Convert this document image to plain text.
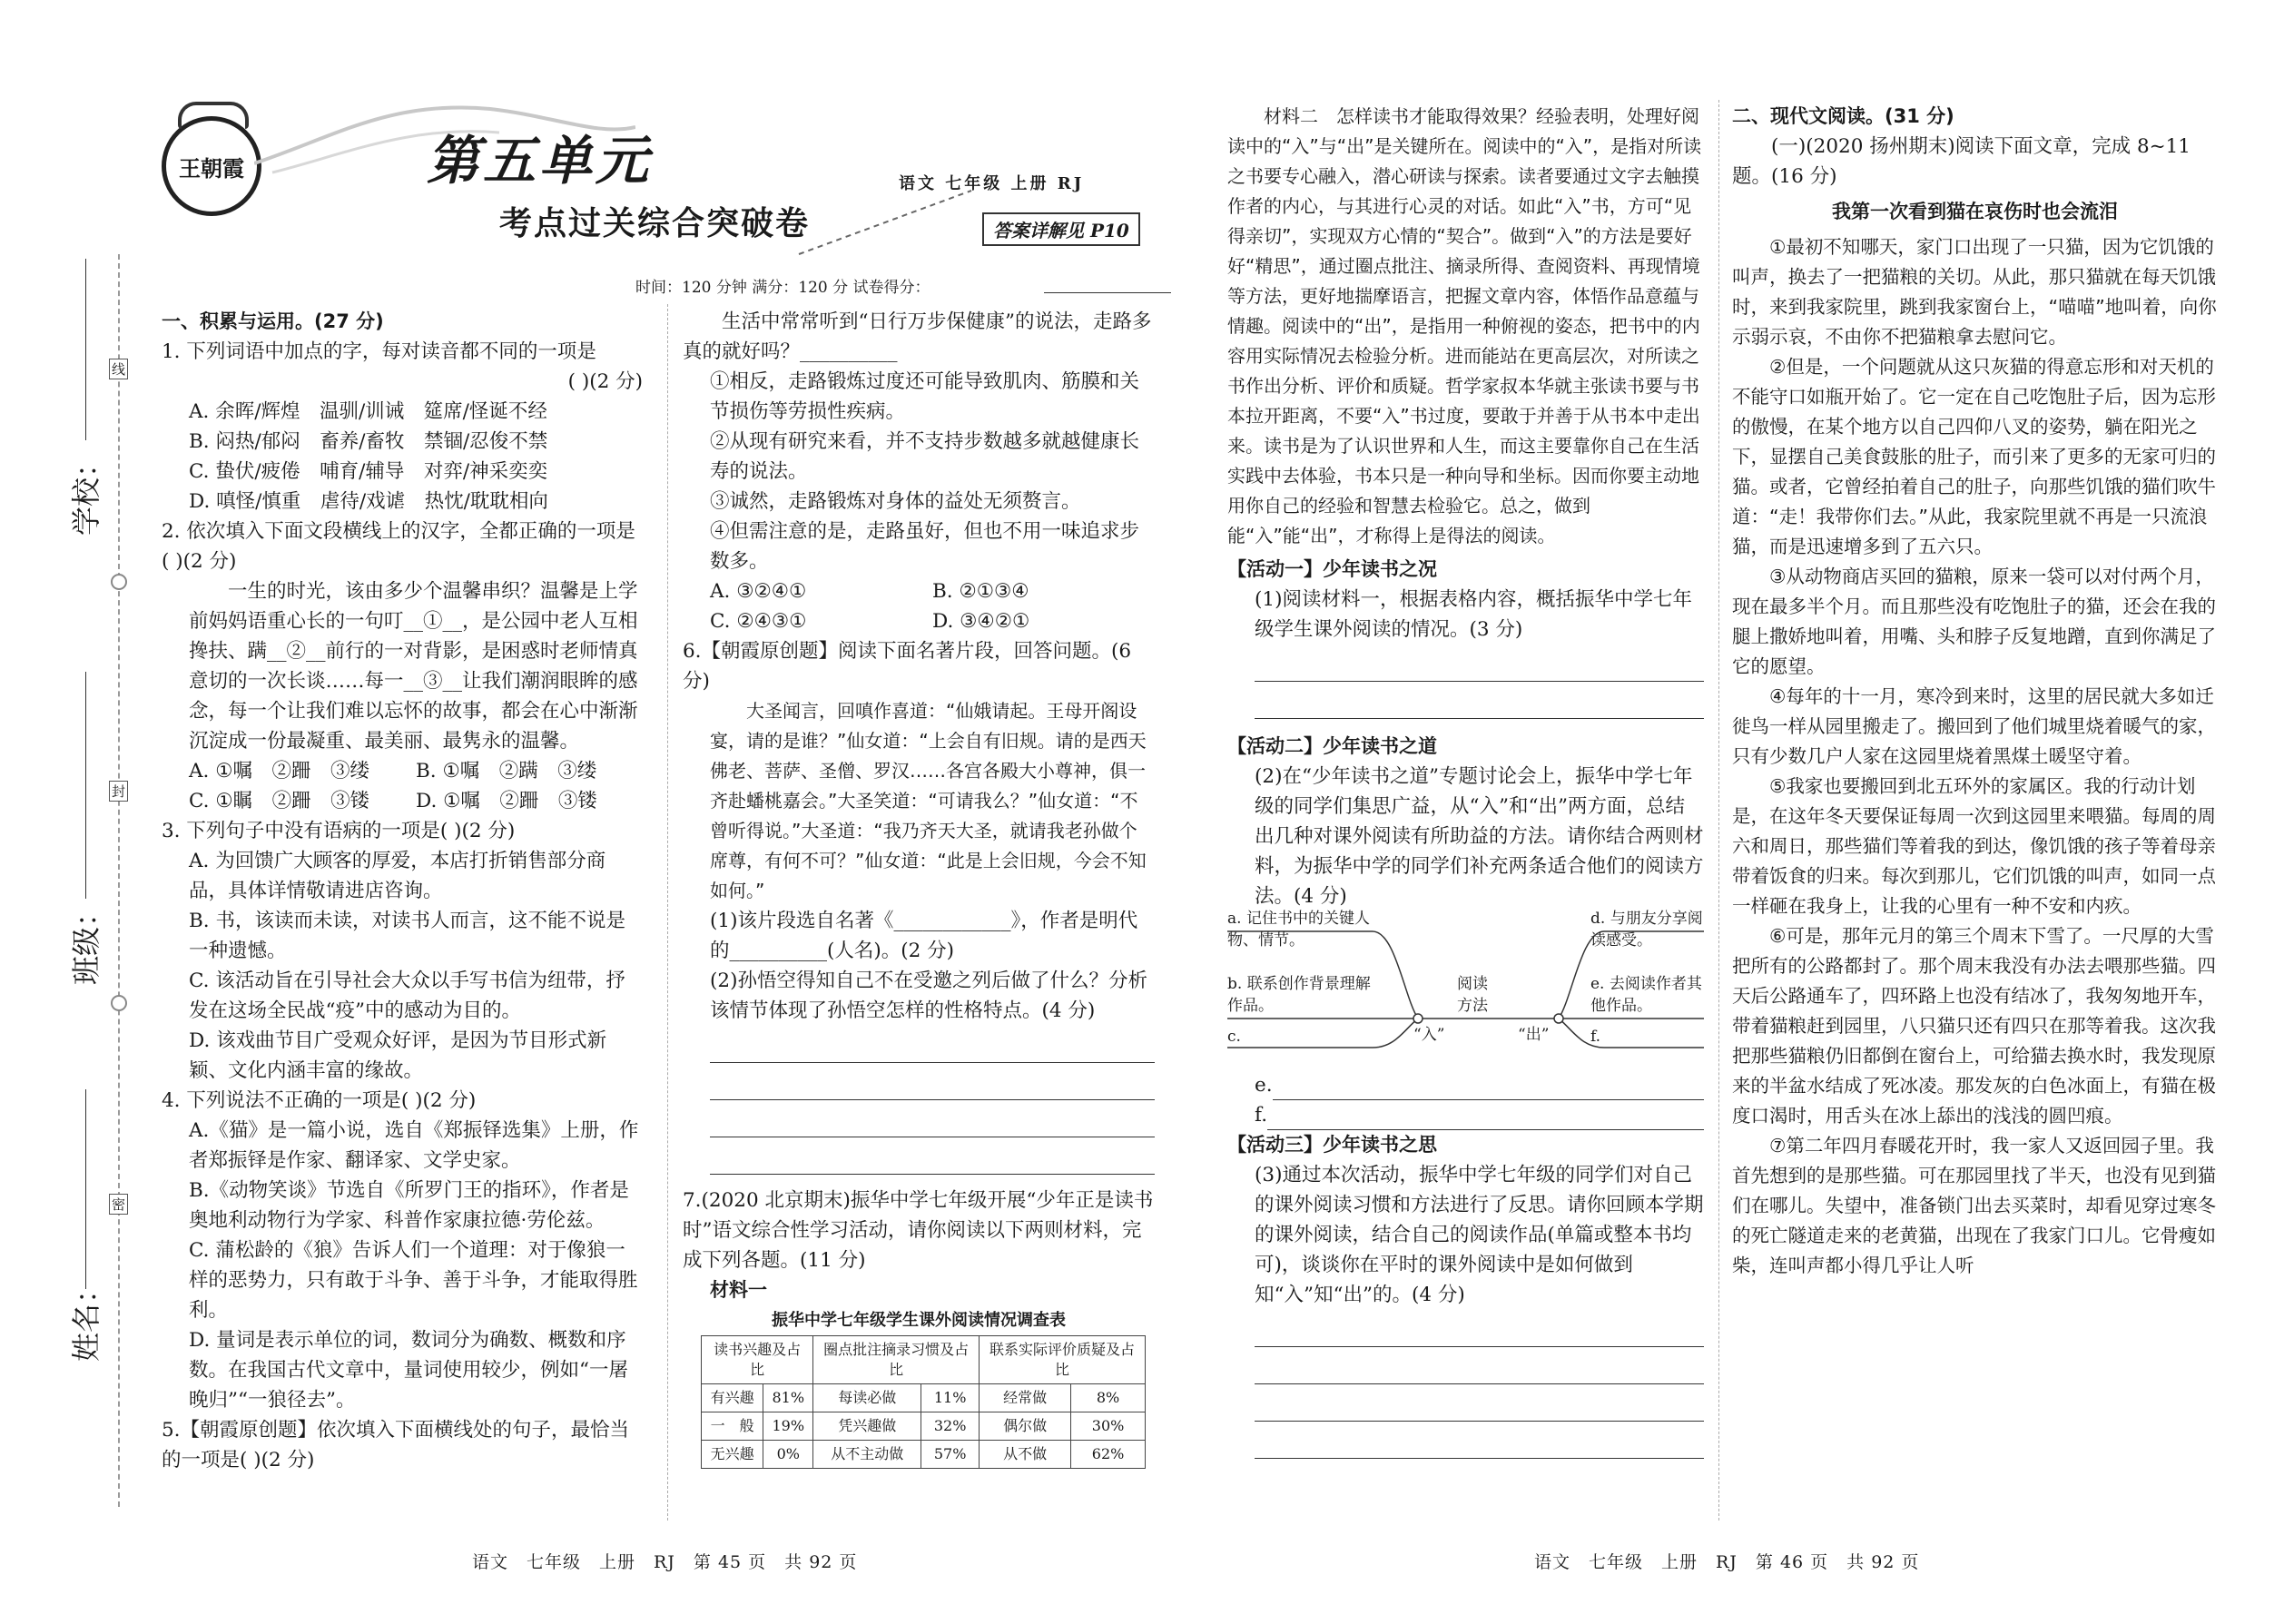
王朝霞	第五单元
考点过关综合突破卷
语文 七年级 上册 RJ
答案详解见 P10
时间：120 分钟 满分：120 分 试卷得分：
学校：
班级：
姓名：
线
封
密

一、积累与运用。(27 分)

1. 下列词语中加点的字，每对读音都不同的一项是

( )(2 分)

A. 余晖/辉煌　温驯/训诫　筵席/怪诞不经

B. 闷热/郁闷　畜养/畜牧　禁锢/忍俊不禁

C. 蛰伏/疲倦　哺育/辅导　对弈/神采奕奕

D. 嗔怪/慎重　虐待/戏谑　热忱/耽耽相向

2. 依次填入下面文段横线上的汉字，全都正确的一项是( )(2 分)

一生的时光，该由多少个温馨串织？温馨是上学前妈妈语重心长的一句叮__①__，是公园中老人互相搀扶、蹒__②__前行的一对背影，是困惑时老师情真意切的一次长谈……每一__③__让我们潮润眼眸的感念，每一个让我们难以忘怀的故事，都会在心中渐渐沉淀成一份最凝重、最美丽、最隽永的温馨。

A. ①嘱　②跚　③缕	B. ①嘱　②蹒　③缕
C. ①瞩　②跚　③镂	D. ①嘱　②跚　③镂

3. 下列句子中没有语病的一项是( )(2 分)

A. 为回馈广大顾客的厚爱，本店打折销售部分商品，具体详情敬请进店咨询。

B. 书，该读而未读，对读书人而言，这不能不说是一种遗憾。

C. 该活动旨在引导社会大众以手写书信为纽带，抒发在这场全民战“疫”中的感动为目的。

D. 该戏曲节目广受观众好评，是因为节目形式新颖、文化内涵丰富的缘故。

4. 下列说法不正确的一项是( )(2 分)

A.《猫》是一篇小说，选自《郑振铎选集》上册，作者郑振铎是作家、翻译家、文学史家。

B.《动物笑谈》节选自《所罗门王的指环》，作者是奥地利动物行为学家、科普作家康拉德·劳伦兹。

C. 蒲松龄的《狼》告诉人们一个道理：对于像狼一样的恶势力，只有敢于斗争、善于斗争，才能取得胜利。

D. 量词是表示单位的词，数词分为确数、概数和序数。在我国古代文章中，量词使用较少，例如“一屠晚归”“一狼径去”。

5.【朝霞原创题】依次填入下面横线处的句子，最恰当的一项是( )(2 分)

生活中常常听到“日行万步保健康”的说法，走路多真的就好吗？__________

①相反，走路锻炼过度还可能导致肌肉、筋膜和关节损伤等劳损性疾病。

②从现有研究来看，并不支持步数越多就越健康长寿的说法。

③诚然，走路锻炼对身体的益处无须赘言。

④但需注意的是，走路虽好，但也不用一味追求步数多。

A. ③②④①	B. ②①③④
C. ②④③①	D. ③④②①

6.【朝霞原创题】阅读下面名著片段，回答问题。(6 分)

大圣闻言，回嗔作喜道：“仙娥请起。王母开阁设宴，请的是谁？”仙女道：“上会自有旧规。请的是西天佛老、菩萨、圣僧、罗汉……各宫各殿大小尊神，俱一齐赴蟠桃嘉会。”大圣笑道：“可请我么？”仙女道：“不曾听得说。”大圣道：“我乃齐天大圣，就请我老孙做个席尊，有何不可？”仙女道：“此是上会旧规，今会不知如何。”

(1)该片段选自名著《____________》，作者是明代的__________(人名)。(2 分)

(2)孙悟空得知自己不在受邀之列后做了什么？分析该情节体现了孙悟空怎样的性格特点。(4 分)

7.(2020 北京期末)振华中学七年级开展“少年正是读书时”语文综合性学习活动，请你阅读以下两则材料，完成下列各题。(11 分)

材料一

振华中学七年级学生课外阅读情况调查表

读书兴趣及占比		圈点批注摘录习惯及占比		联系实际评价质疑及占比	
有兴趣	81%	每读必做	11%	经常做	8%
一　般	19%	凭兴趣做	32%	偶尔做	30%
无兴趣	0%	从不主动做	57%	从不做	62%
语文　七年级　上册　RJ　第 45 页　共 92 页

材料二　怎样读书才能取得效果？经验表明，处理好阅读中的“入”与“出”是关键所在。阅读中的“入”，是指对所读之书要专心融入，潜心研读与探索。读者要通过文字去触摸作者的内心，与其进行心灵的对话。如此“入”书，方可“见得亲切”，实现双方心情的“契合”。做到“入”的方法是要好好“精思”，通过圈点批注、摘录所得、查阅资料、再现情境等方法，更好地揣摩语言，把握文章内容，体悟作品意蕴与情趣。阅读中的“出”，是指用一种俯视的姿态，把书中的内容用实际情况去检验分析。进而能站在更高层次，对所读之书作出分析、评价和质疑。哲学家叔本华就主张读书要与书本拉开距离，不要“入”书过度，要敢于并善于从书本中走出来。读书是为了认识世界和人生，而这主要靠你自己在生活实践中去体验，书本只是一种向导和坐标。因而你要主动地用你自己的经验和智慧去检验它。总之，做到能“入”能“出”，才称得上是得法的阅读。

【活动一】少年读书之况

(1)阅读材料一，根据表格内容，概括振华中学七年级学生课外阅读的情况。(3 分)

【活动二】少年读书之道

(2)在“少年读书之道”专题讨论会上，振华中学七年级的同学们集思广益，从“入”和“出”两方面，总结出几种对课外阅读有所助益的方法。请你结合两则材料，为振华中学的同学们补充两条适合他们的阅读方法。(4 分)

a. 记住书中的关键人物、情节。
b. 联系创作背景理解作品。
c.	“入”
阅读方法
“出”
d. 与朋友分享阅读感受。
e. 去阅读作者其他作品。
f.

e.

f.

【活动三】少年读书之思

(3)通过本次活动，振华中学七年级的同学们对自己的课外阅读习惯和方法进行了反思。请你回顾本学期的课外阅读，结合自己的阅读作品(单篇或整本书均可)，谈谈你在平时的课外阅读中是如何做到知“入”知“出”的。(4 分)

二、现代文阅读。(31 分)

(一)(2020 扬州期末)阅读下面文章，完成 8~11 题。(16 分)

我第一次看到猫在哀伤时也会流泪

①最初不知哪天，家门口出现了一只猫，因为它饥饿的叫声，换去了一把猫粮的关切。从此，那只猫就在每天饥饿时，来到我家院里，跳到我家窗台上，“喵喵”地叫着，向你示弱示哀，不由你不把猫粮拿去慰问它。

②但是，一个问题就从这只灰猫的得意忘形和对天机的不能守口如瓶开始了。它一定在自己吃饱肚子后，因为忘形的傲慢，在某个地方以自己四仰八叉的姿势，躺在阳光之下，显摆自己美食鼓胀的肚子，而引来了更多的无家可归的猫。或者，它曾经拍着自己的肚子，向那些饥饿的猫们吹牛道：“走！我带你们去。”从此，我家院里就不再是一只流浪猫，而是迅速增多到了五六只。

③从动物商店买回的猫粮，原来一袋可以对付两个月，现在最多半个月。而且那些没有吃饱肚子的猫，还会在我的腿上撒娇地叫着，用嘴、头和脖子反复地蹭，直到你满足了它的愿望。

④每年的十一月，寒冷到来时，这里的居民就大多如迁徙鸟一样从园里搬走了。搬回到了他们城里烧着暖气的家，只有少数几户人家在这园里烧着黑煤土暖坚守着。

⑤我家也要搬回到北五环外的家属区。我的行动计划是，在这年冬天要保证每周一次到这园里来喂猫。每周的周六和周日，那些猫们等着我的到达，像饥饿的孩子等着母亲带着饭食的归来。每次到那儿，它们饥饿的叫声，如同一点一样砸在我身上，让我的心里有一种不安和内疚。

⑥可是，那年元月的第三个周末下雪了。一尺厚的大雪把所有的公路都封了。那个周末我没有办法去喂那些猫。四天后公路通车了，四环路上也没有结冰了，我匆匆地开车，带着猫粮赶到园里，八只猫只还有四只在那等着我。这次我把那些猫粮仍旧都倒在窗台上，可给猫去换水时，我发现原来的半盆水结成了死冰凌。那发灰的白色冰面上，有猫在极度口渴时，用舌头在冰上舔出的浅浅的圆凹痕。

⑦第二年四月春暖花开时，我一家人又返回园子里。我首先想到的是那些猫。可在那园里找了半天，也没有见到猫们在哪儿。失望中，准备锁门出去买菜时，却看见穿过寒冬的死亡隧道走来的老黄猫，出现在了我家门口儿。它骨瘦如柴，连叫声都小得几乎让人听

语文　七年级　上册　RJ　第 46 页　共 92 页
